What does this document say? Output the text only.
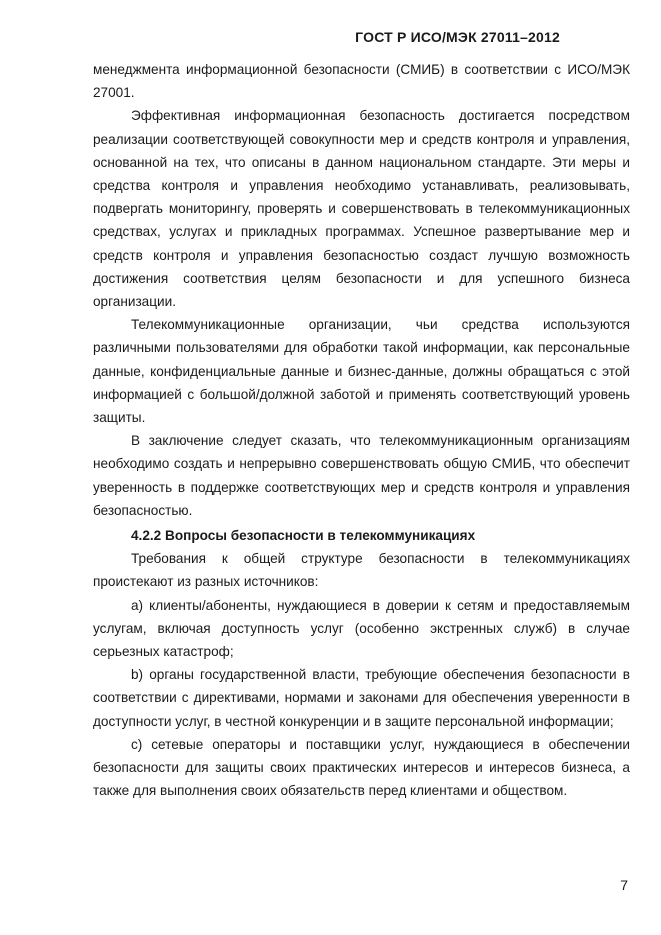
ГОСТ Р ИСО/МЭК 27011–2012

менеджмента информационной безопасности (СМИБ) в соответствии с ИСО/МЭК 27001.

Эффективная информационная безопасность достигается посредством реализации соответствующей совокупности мер и средств контроля и управления, основанной на тех, что описаны в данном национальном стандарте. Эти меры и средства контроля и управления необходимо устанавливать, реализовывать, подвергать мониторингу, проверять и совершенствовать в телекоммуникационных средствах, услугах и прикладных программах. Успешное развертывание мер и средств контроля и управления безопасностью создаст лучшую возможность достижения соответствия целям безопасности и для успешного бизнеса организации.

Телекоммуникационные организации, чьи средства используются различными пользователями для обработки такой информации, как персональные данные, конфиденциальные данные и бизнес-данные, должны обращаться с этой информацией с большой/должной заботой и применять соответствующий уровень защиты.

В заключение следует сказать, что телекоммуникационным организациям необходимо создать и непрерывно совершенствовать общую СМИБ, что обеспечит уверенность в поддержке соответствующих мер и средств контроля и управления безопасностью.

4.2.2 Вопросы безопасности в телекоммуникациях

Требования к общей структуре безопасности в телекоммуникациях проистекают из разных источников:

а) клиенты/абоненты, нуждающиеся в доверии к сетям и предоставляемым услугам, включая доступность услуг (особенно экстренных служб) в случае серьезных катастроф;

b) органы государственной власти, требующие обеспечения безопасности в соответствии с директивами, нормами и законами для обеспечения уверенности в доступности услуг, в честной конкуренции и в защите персональной информации;

с) сетевые операторы и поставщики услуг, нуждающиеся в обеспечении безопасности для защиты своих практических интересов и интересов бизнеса, а также для выполнения своих обязательств перед клиентами и обществом.

7
